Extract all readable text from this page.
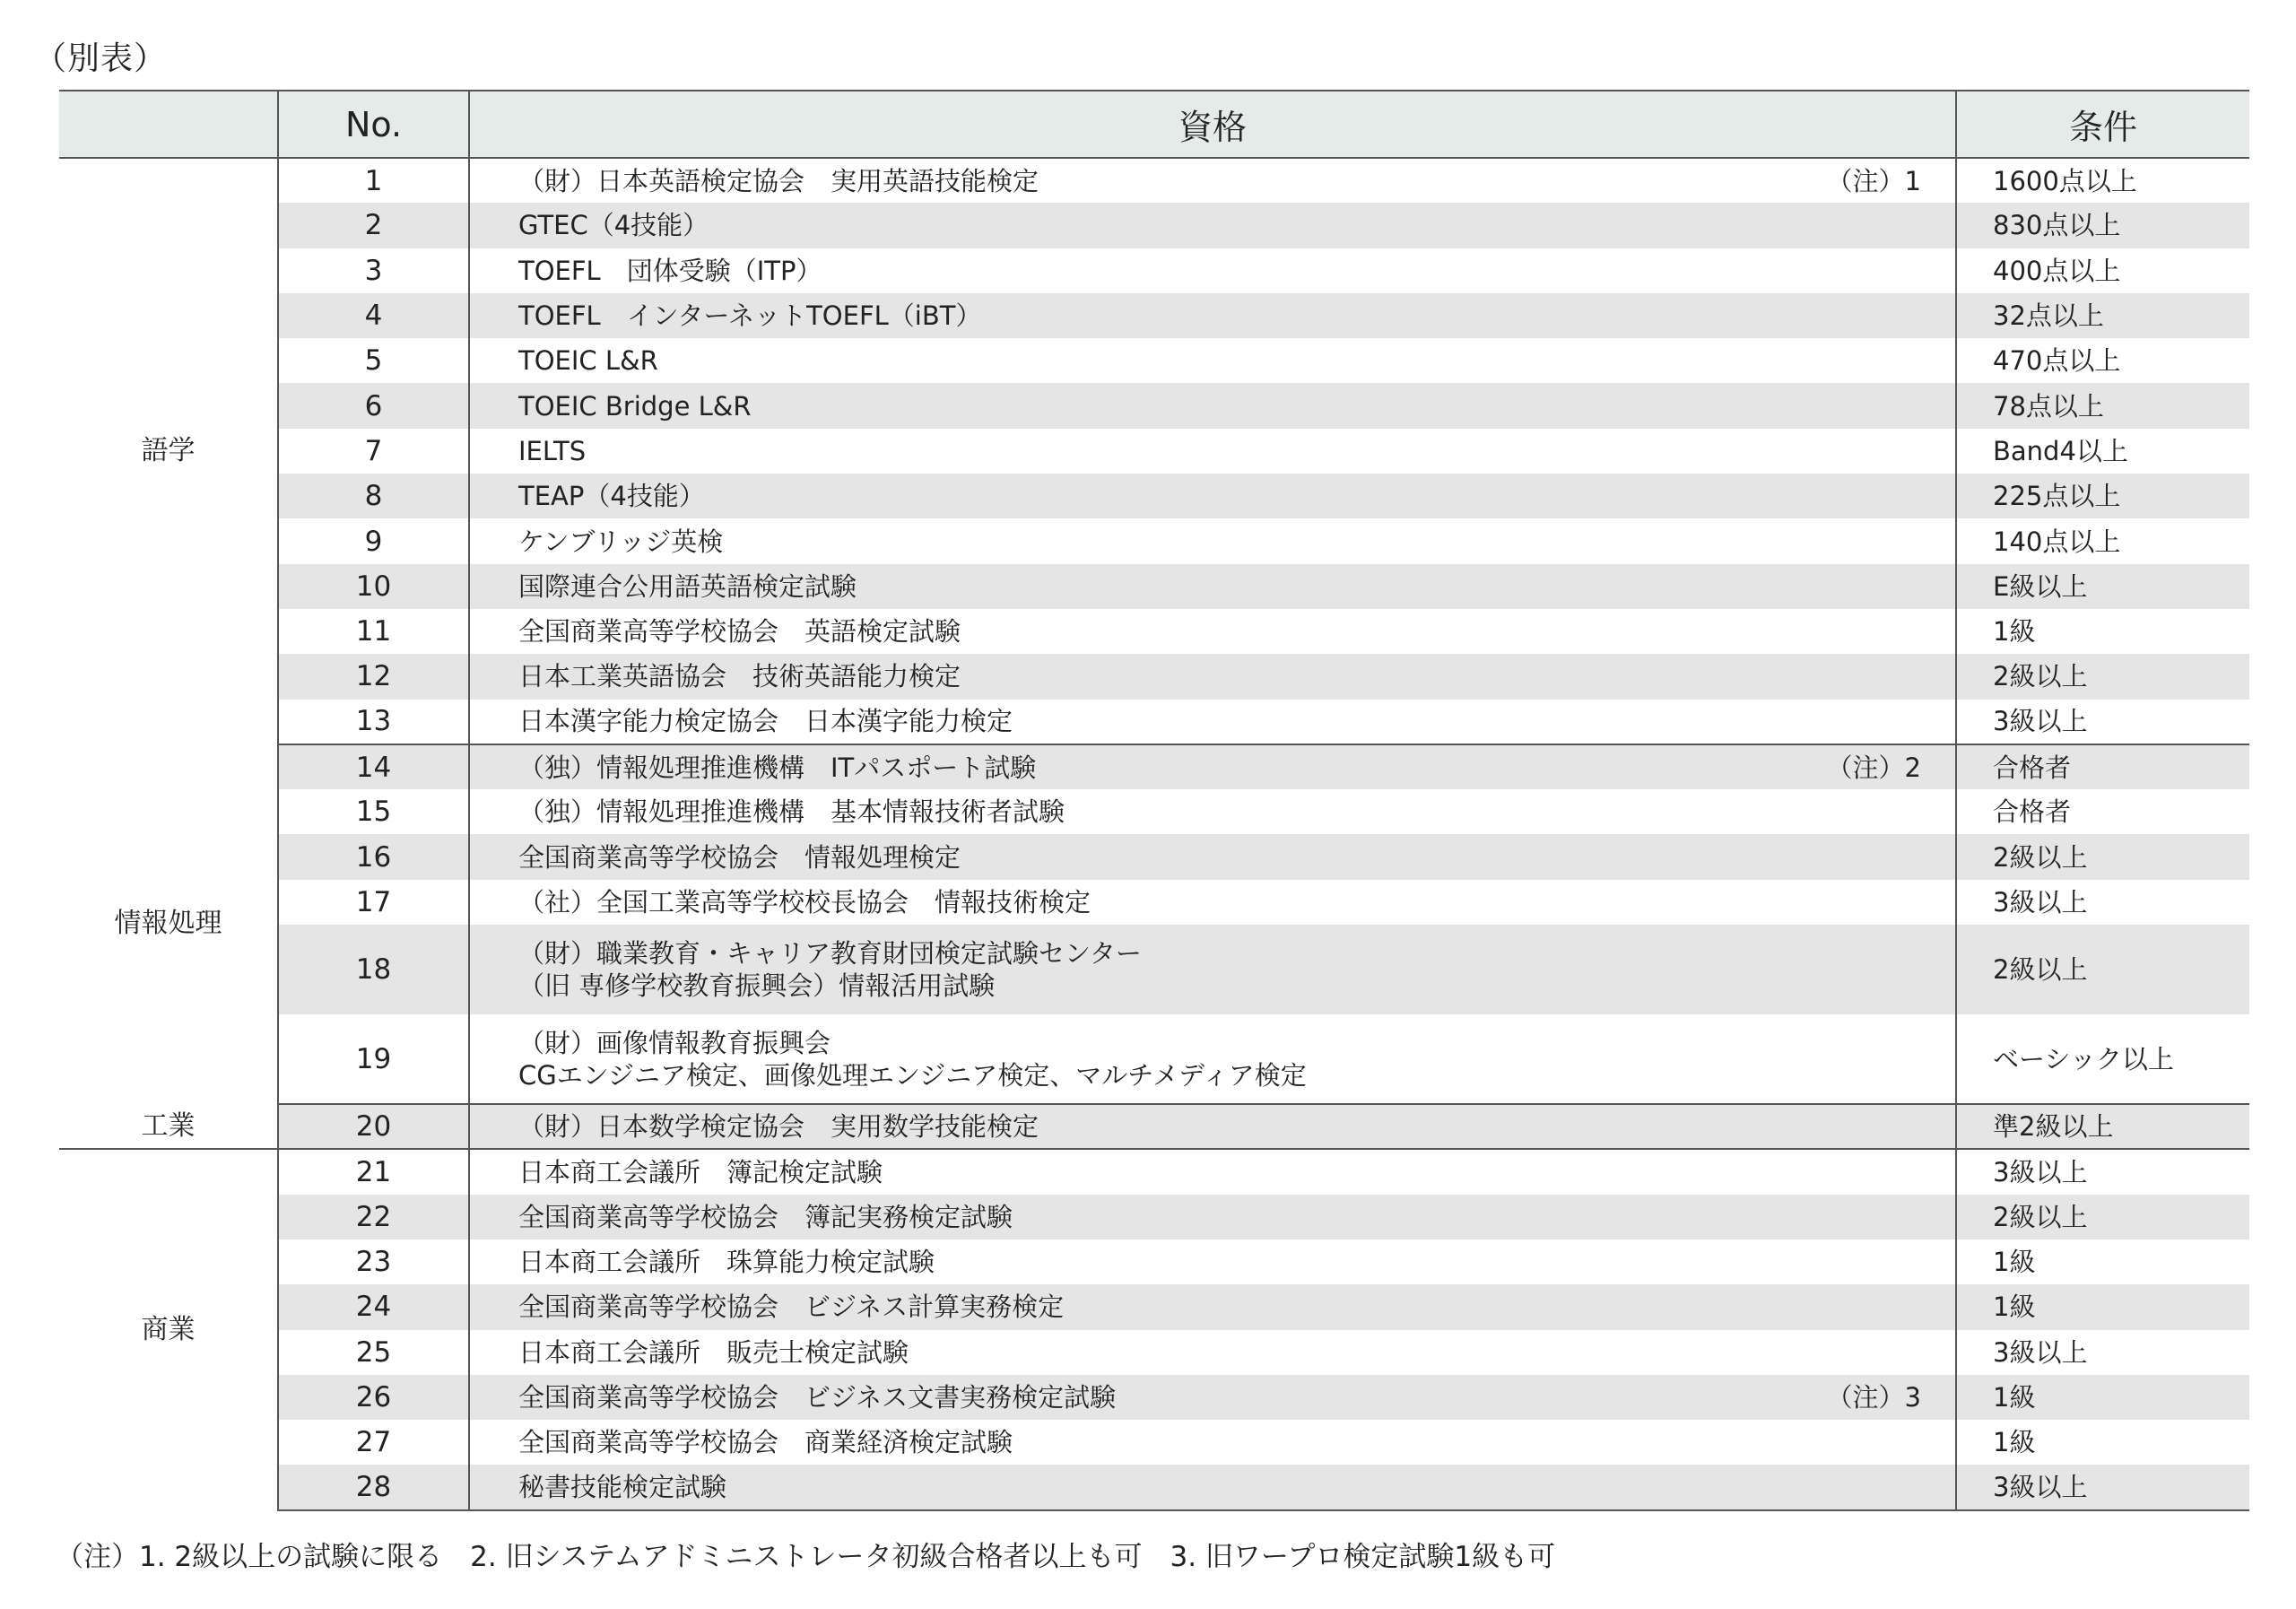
（別表）
	No.	資格	条件
語学	1	（財）日本英語検定協会　実用英語技能検定 （注）1	1600点以上
	2	GTEC（4技能）	830点以上
	3	TOEFL　団体受験（ITP）	400点以上
	4	TOEFL　インターネットTOEFL（iBT）	32点以上
	5	TOEIC L&R	470点以上
	6	TOEIC Bridge L&R	78点以上
	7	IELTS	Band4以上
	8	TEAP（4技能）	225点以上
	9	ケンブリッジ英検	140点以上
	10	国際連合公用語英語検定試験	E級以上
	11	全国商業高等学校協会　英語検定試験	1級
	12	日本工業英語協会　技術英語能力検定	2級以上
	13	日本漢字能力検定協会　日本漢字能力検定	3級以上
情報処理	14	（独）情報処理推進機構　ITパスポート試験 （注）2	合格者
	15	（独）情報処理推進機構　基本情報技術者試験	合格者
	16	全国商業高等学校協会　情報処理検定	2級以上
	17	（社）全国工業高等学校校長協会　情報技術検定	3級以上
	18	（財）職業教育・キャリア教育財団検定試験センター
（旧 専修学校教育振興会）情報活用試験	2級以上
	19	（財）画像情報教育振興会
CGエンジニア検定、画像処理エンジニア検定、マルチメディア検定	ベーシック以上
工業	20	（財）日本数学検定協会　実用数学技能検定	準2級以上
商業	21	日本商工会議所　簿記検定試験	3級以上
	22	全国商業高等学校協会　簿記実務検定試験	2級以上
	23	日本商工会議所　珠算能力検定試験	1級
	24	全国商業高等学校協会　ビジネス計算実務検定	1級
	25	日本商工会議所　販売士検定試験	3級以上
	26	全国商業高等学校協会　ビジネス文書実務検定試験 （注）3	1級
	27	全国商業高等学校協会　商業経済検定試験	1級
	28	秘書技能検定試験	3級以上
（注）1. 2級以上の試験に限る　2. 旧システムアドミニストレータ初級合格者以上も可　3. 旧ワープロ検定試験1級も可
